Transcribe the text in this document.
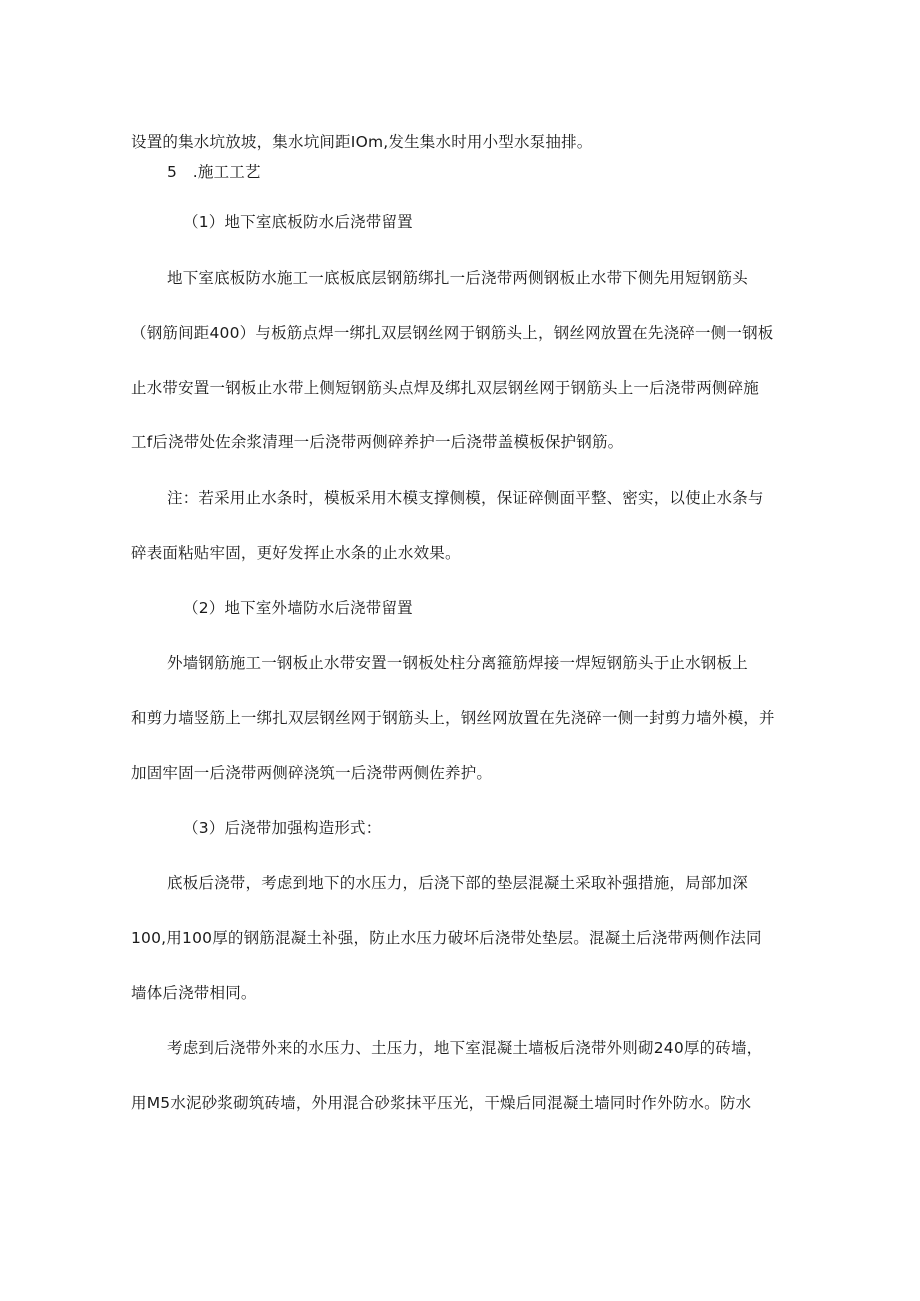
设置的集水坑放坡，集水坑间距IOm,发生集水时用小型水泵抽排。

5　.施工工艺

（1）地下室底板防水后浇带留置

地下室底板防水施工一底板底层钢筋绑扎一后浇带两侧钢板止水带下侧先用短钢筋头

（钢筋间距400）与板筋点焊一绑扎双层钢丝网于钢筋头上，钢丝网放置在先浇碎一侧一钢板

止水带安置一钢板止水带上侧短钢筋头点焊及绑扎双层钢丝网于钢筋头上一后浇带两侧碎施

工f后浇带处佐余浆清理一后浇带两侧碎养护一后浇带盖模板保护钢筋。

注：若采用止水条时，模板采用木模支撑侧模，保证碎侧面平整、密实，以使止水条与

碎表面粘贴牢固，更好发挥止水条的止水效果。

（2）地下室外墙防水后浇带留置

外墙钢筋施工一钢板止水带安置一钢板处柱分离箍筋焊接一焊短钢筋头于止水钢板上

和剪力墙竖筋上一绑扎双层钢丝网于钢筋头上，钢丝网放置在先浇碎一侧一封剪力墙外模，并

加固牢固一后浇带两侧碎浇筑一后浇带两侧佐养护。

（3）后浇带加强构造形式：

底板后浇带，考虑到地下的水压力，后浇下部的垫层混凝土采取补强措施，局部加深

100,用100厚的钢筋混凝土补强，防止水压力破坏后浇带处垫层。混凝土后浇带两侧作法同

墙体后浇带相同。

考虑到后浇带外来的水压力、土压力，地下室混凝土墙板后浇带外则砌240厚的砖墙，

用M5水泥砂浆砌筑砖墙，外用混合砂浆抹平压光，干燥后同混凝土墙同时作外防水。防水
